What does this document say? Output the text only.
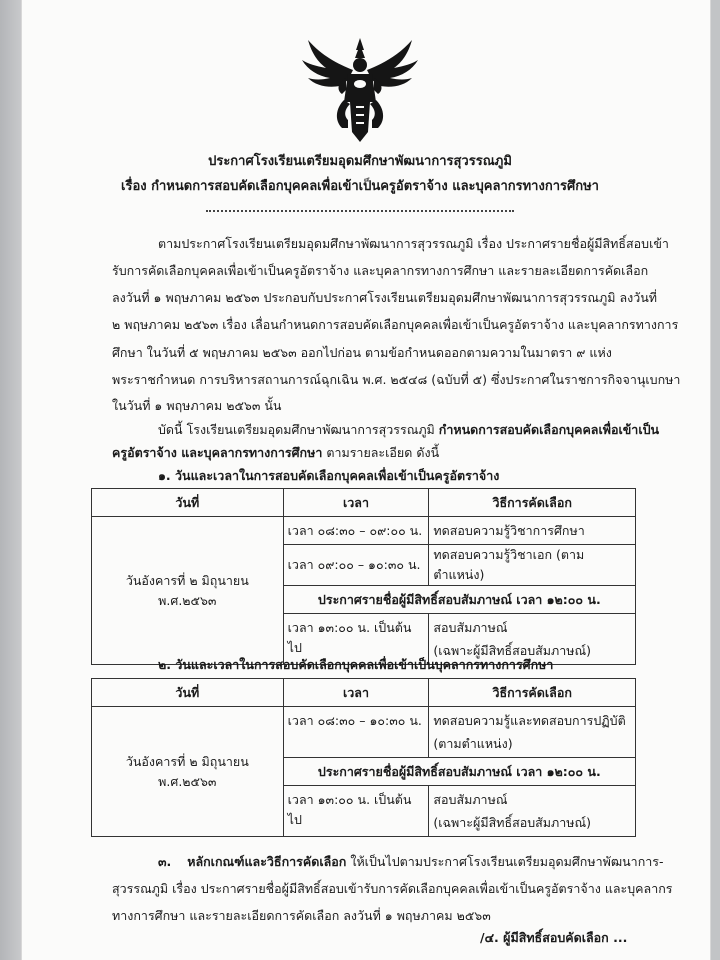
ประกาศโรงเรียนเตรียมอุดมศึกษาพัฒนาการสุวรรณภูมิ
เรื่อง กำหนดการสอบคัดเลือกบุคคลเพื่อเข้าเป็นครูอัตราจ้าง และบุคลากรทางการศึกษา
ตามประกาศโรงเรียนเตรียมอุดมศึกษาพัฒนาการสุวรรณภูมิ เรื่อง ประกาศรายชื่อผู้มีสิทธิ์สอบเข้า
รับการคัดเลือกบุคคลเพื่อเข้าเป็นครูอัตราจ้าง และบุคลากรทางการศึกษา และรายละเอียดการคัดเลือก
ลงวันที่ ๑ พฤษภาคม ๒๕๖๓ ประกอบกับประกาศโรงเรียนเตรียมอุดมศึกษาพัฒนาการสุวรรณภูมิ ลงวันที่
๒ พฤษภาคม ๒๕๖๓ เรื่อง เลื่อนกำหนดการสอบคัดเลือกบุคคลเพื่อเข้าเป็นครูอัตราจ้าง และบุคลากรทางการ
ศึกษา ในวันที่ ๕ พฤษภาคม ๒๕๖๓ ออกไปก่อน ตามข้อกำหนดออกตามความในมาตรา ๙ แห่ง
พระราชกำหนด การบริหารสถานการณ์ฉุกเฉิน พ.ศ. ๒๕๔๘ (ฉบับที่ ๕) ซึ่งประกาศในราชการกิจจานุเบกษา
ในวันที่ ๑ พฤษภาคม ๒๕๖๓ นั้น
บัดนี้ โรงเรียนเตรียมอุดมศึกษาพัฒนาการสุวรรณภูมิ กำหนดการสอบคัดเลือกบุคคลเพื่อเข้าเป็น
ครูอัตราจ้าง และบุคลากรทางการศึกษา ตามรายละเอียด ดังนี้
๑. วันและเวลาในการสอบคัดเลือกบุคคลเพื่อเข้าเป็นครูอัตราจ้าง
วันที่	เวลา	วิธีการคัดเลือก
วันอังคารที่ ๒ มิถุนายน พ.ศ.๒๕๖๓	เวลา ๐๘:๓๐ – ๐๙:๐๐ น.	ทดสอบความรู้วิชาการศึกษา
	เวลา ๐๙:๐๐ – ๑๐:๓๐ น.	ทดสอบความรู้วิชาเอก (ตามตำแหน่ง)
	ประกาศรายชื่อผู้มีสิทธิ์สอบสัมภาษณ์ เวลา ๑๒:๐๐ น.	
	เวลา ๑๓:๐๐ น. เป็นต้นไป	สอบสัมภาษณ์
(เฉพาะผู้มีสิทธิ์สอบสัมภาษณ์)
๒. วันและเวลาในการสอบคัดเลือกบุคคลเพื่อเข้าเป็นบุคลากรทางการศึกษา
วันที่	เวลา	วิธีการคัดเลือก
วันอังคารที่ ๒ มิถุนายน พ.ศ.๒๕๖๓	เวลา ๐๘:๓๐ – ๑๐:๓๐ น.	ทดสอบความรู้และทดสอบการปฏิบัติ
(ตามตำแหน่ง)

	ประกาศรายชื่อผู้มีสิทธิ์สอบสัมภาษณ์ เวลา ๑๒:๐๐ น.	
	เวลา ๑๓:๐๐ น. เป็นต้นไป	สอบสัมภาษณ์
(เฉพาะผู้มีสิทธิ์สอบสัมภาษณ์)
๓. หลักเกณฑ์และวิธีการคัดเลือก ให้เป็นไปตามประกาศโรงเรียนเตรียมอุดมศึกษาพัฒนาการ-
สุวรรณภูมิ เรื่อง ประกาศรายชื่อผู้มีสิทธิ์สอบเข้ารับการคัดเลือกบุคคลเพื่อเข้าเป็นครูอัตราจ้าง และบุคลากร
ทางการศึกษา และรายละเอียดการคัดเลือก ลงวันที่ ๑ พฤษภาคม ๒๕๖๓
/๔. ผู้มีสิทธิ์สอบคัดเลือก ...
